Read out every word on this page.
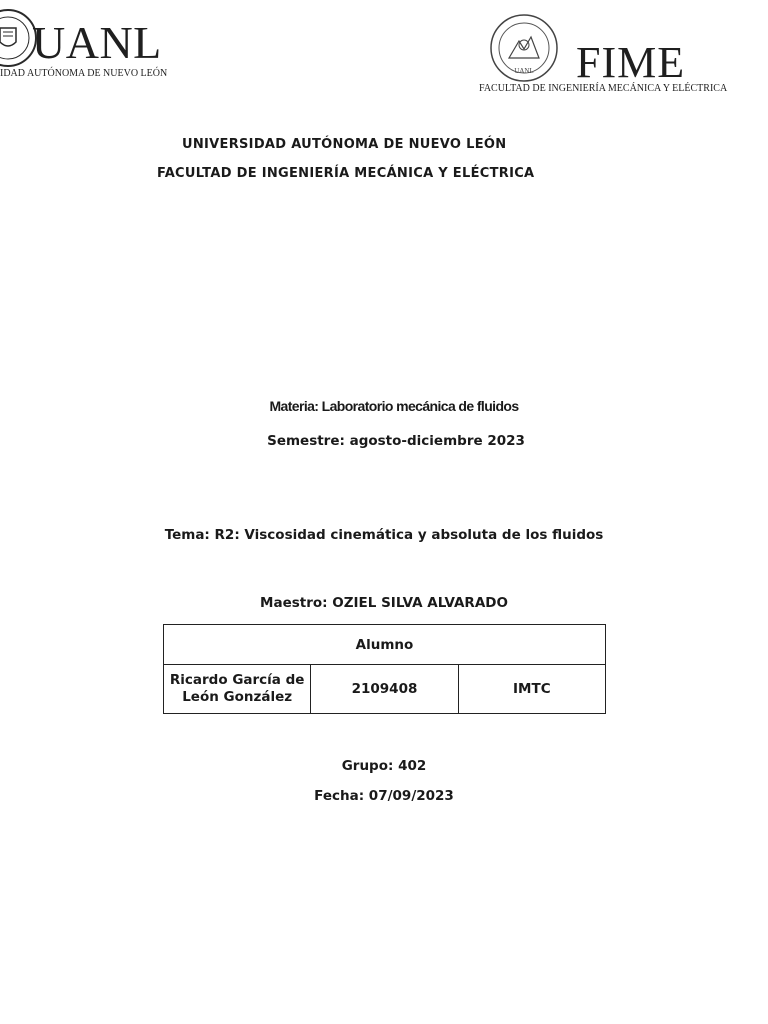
UANL
IDAD AUTÓNOMA DE NUEVO LEÓN	UANL FIME
FACULTAD DE INGENIERÍA MECÁNICA Y ELÉCTRICA
UNIVERSIDAD AUTÓNOMA DE NUEVO LEÓN
FACULTAD DE INGENIERÍA MECÁNICA Y ELÉCTRICA
Materia: Laboratorio mecánica de fluidos
Semestre: agosto-diciembre 2023
Tema: R2: Viscosidad cinemática y absoluta de los fluidos
Maestro: OZIEL SILVA ALVARADO
Alumno
Ricardo García de León González	2109408	IMTC
Grupo: 402
Fecha: 07/09/2023
